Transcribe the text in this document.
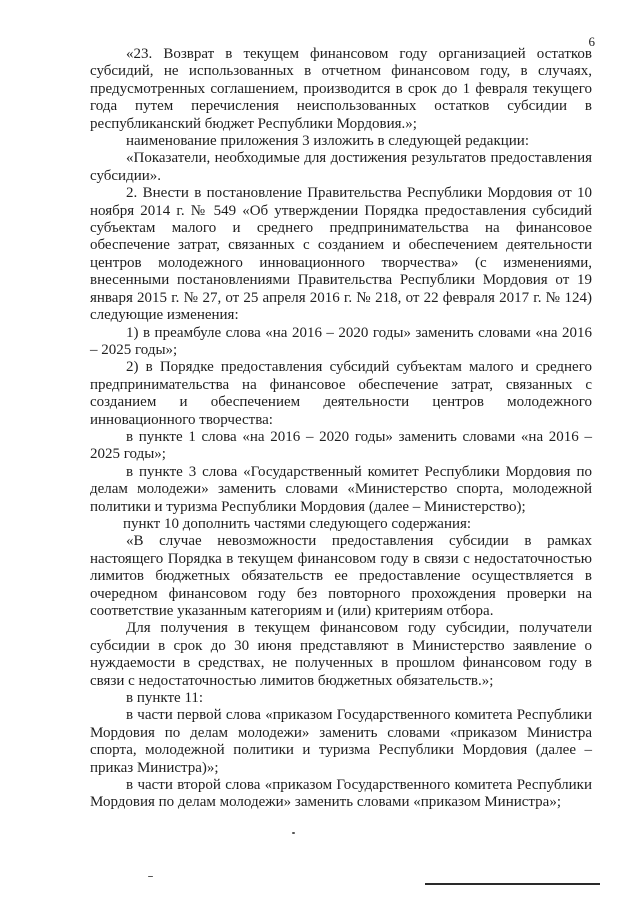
6

«23. Возврат в текущем финансовом году организацией остатков субсидий, не использованных в отчетном финансовом году, в случаях, предусмотренных соглашением, производится в срок до 1 февраля текущего года путем перечисления неиспользованных остатков субсидии в республиканский бюджет Республики Мордовия.»;

наименование приложения 3 изложить в следующей редакции:

«Показатели, необходимые для достижения результатов предоставления субсидии».

2. Внести в постановление Правительства Республики Мордовия от 10 ноября 2014 г. № 549 «Об утверждении Порядка предоставления субсидий субъектам малого и среднего предпринимательства на финансовое обеспечение затрат, связанных с созданием и обеспечением деятельности центров молодежного инновационного творчества» (с изменениями, внесенными постановлениями Правительства Республики Мордовия от 19 января 2015 г. № 27, от 25 апреля 2016 г. № 218, от 22 февраля 2017 г. № 124) следующие изменения:

1) в преамбуле слова «на 2016 – 2020 годы» заменить словами «на 2016 – 2025 годы»;

2) в Порядке предоставления субсидий субъектам малого и среднего предпринимательства на финансовое обеспечение затрат, связанных с созданием и обеспечением деятельности центров молодежного инновационного творчества:

в пункте 1 слова «на 2016 – 2020 годы» заменить словами «на 2016 – 2025 годы»;

в пункте 3 слова «Государственный комитет Республики Мордовия по делам молодежи» заменить словами «Министерство спорта, молодежной политики и туризма Республики Мордовия (далее – Министерство);

пункт 10 дополнить частями следующего содержания:

«В случае невозможности предоставления субсидии в рамках настоящего Порядка в текущем финансовом году в связи с недостаточностью лимитов бюджетных обязательств ее предоставление осуществляется в очередном финансовом году без повторного прохождения проверки на соответствие указанным категориям и (или) критериям отбора.

Для получения в текущем финансовом году субсидии, получатели субсидии в срок до 30 июня представляют в Министерство заявление о нуждаемости в средствах, не полученных в прошлом финансовом году в связи с недостаточностью лимитов бюджетных обязательств.»;

в пункте 11:

в части первой слова «приказом Государственного комитета Республики Мордовия по делам молодежи» заменить словами «приказом Министра спорта, молодежной политики и туризма Республики Мордовия (далее – приказ Министра)»;

в части второй слова «приказом Государственного комитета Республики Мордовия по делам молодежи» заменить словами «приказом Министра»;
